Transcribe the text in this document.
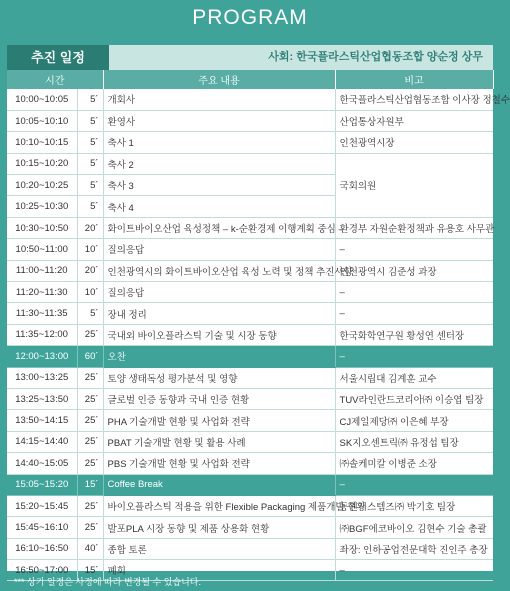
PROGRAM
추진 일정	사회: 한국플라스틱산업협동조합 양순정 상무
시간		주요 내용	비고
10:00~10:05	5´	개회사	한국플라스틱산업협동조합 이사장 정철수
10:05~10:10	5´	환영사	산업통상자원부
10:10~10:15	5´	축사 1	인천광역시장
10:15~10:20	5´	축사 2	국회의원
10:20~10:25	5´	축사 3	
10:25~10:30	5´	축사 4	
10:30~10:50	20´	화이트바이오산업 육성정책 – k-순환경제 이행계획 중심 –	환경부 자원순환정책과 유용호 사무관
10:50~11:00	10´	질의응답	–
11:00~11:20	20´	인천광역시의 화이트바이오산업 육성 노력 및 정책 추진사항	인천광역시 김준성 과장
11:20~11:30	10´	질의응답	–
11:30~11:35	5´	장내 정리	–
11:35~12:00	25´	국내외 바이오플라스틱 기술 및 시장 동향	한국화학연구원 황성연 센터장
12:00~13:00	60´	오찬	–
13:00~13:25	25´	토양 생태독성 평가분석 및 영향	서울시립대 김계훈 교수
13:25~13:50	25´	글로벌 인증 동향과 국내 인증 현황	TUV라인란드코리아㈜ 이승엽 팀장
13:50~14:15	25´	PHA 기술개발 현황 및 사업화 전략	CJ제일제당㈜ 이은혜 부장
14:15~14:40	25´	PBAT 기술개발 현황 및 활용 사례	SK지오센트릭㈜ 유정섭 팀장
14:40~15:05	25´	PBS 기술개발 현황 및 사업화 전략	㈜솔케미칼 이병준 소장
15:05~15:20	15´	Coffee Break	–
15:20~15:45	25´	바이오플라스틱 적용을 위한 Flexible Packaging 제품개발 현황	동원시스템즈㈜ 박기호 팀장
15:45~16:10	25´	발포PLA 시장 동향 및 제품 상용화 현황	㈜BGF에코바이오 김현수 기술 총괄
16:10~16:50	40´	종합 토론	좌장: 인하공업전문대학 진인주 총장
16:50~17:00	15´	폐회	–
*** 상기 일정은 사정에 따라 변경될 수 있습니다.
